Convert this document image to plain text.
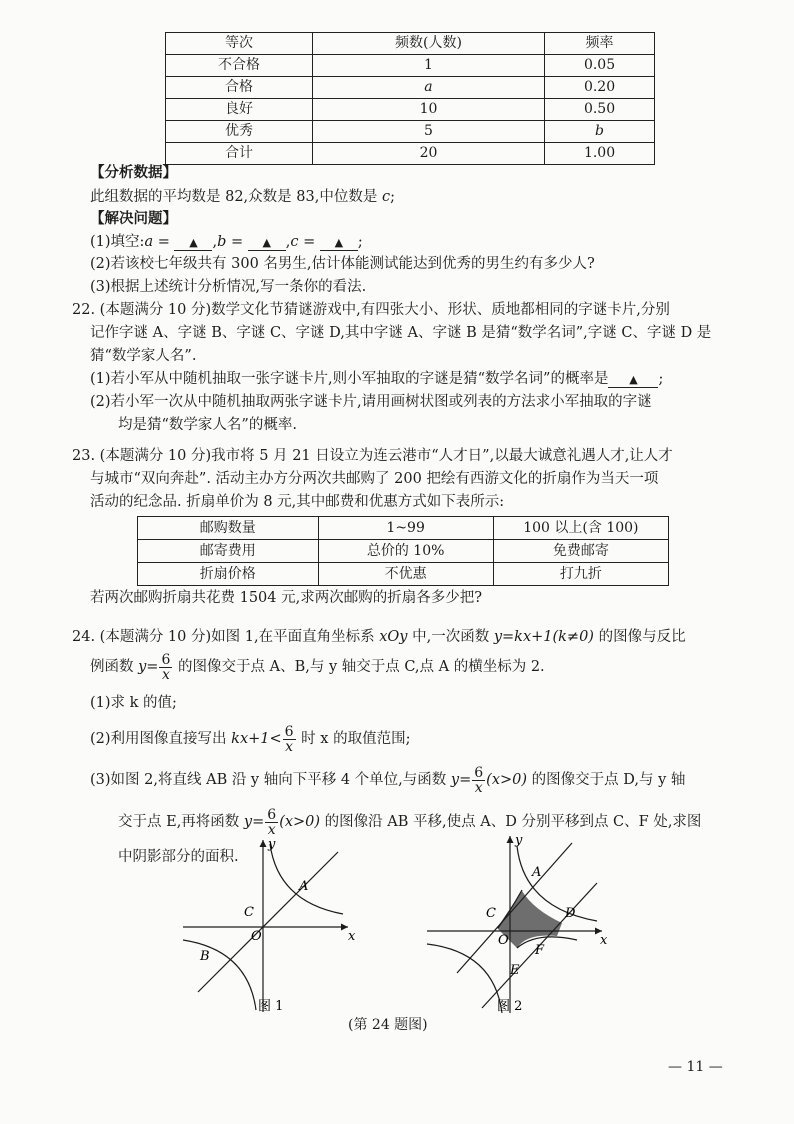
等次	频数(人数)	频率
不合格	1	0.05
合格	a	0.20
良好	10	0.50
优秀	5	b
合计	20	1.00
【分析数据】
此组数据的平均数是 82,众数是 83,中位数是 c;
【解决问题】
(1)填空:a = ▲ ,b = ▲ ,c = ▲ ;
(2)若该校七年级共有 300 名男生,估计体能测试能达到优秀的男生约有多少人?
(3)根据上述统计分析情况,写一条你的看法.
22. (本题满分 10 分)数学文化节猜谜游戏中,有四张大小、形状、质地都相同的字谜卡片,分别
记作字谜 A、字谜 B、字谜 C、字谜 D,其中字谜 A、字谜 B 是猜“数学名词”,字谜 C、字谜 D 是
猜“数学家人名”.
(1)若小军从中随机抽取一张字谜卡片,则小军抽取的字谜是猜“数学名词”的概率是 ▲ ;
(2)若小军一次从中随机抽取两张字谜卡片,请用画树状图或列表的方法求小军抽取的字谜
均是猜“数学家人名”的概率.
23. (本题满分 10 分)我市将 5 月 21 日设立为连云港市“人才日”,以最大诚意礼遇人才,让人才
与城市“双向奔赴”. 活动主办方分两次共邮购了 200 把绘有西游文化的折扇作为当天一项
活动的纪念品. 折扇单价为 8 元,其中邮费和优惠方式如下表所示:
邮购数量	1~99	100 以上(含 100)
邮寄费用	总价的 10%	免费邮寄
折扇价格	不优惠	打九折
若两次邮购折扇共花费 1504 元,求两次邮购的折扇各多少把?
24. (本题满分 10 分)如图 1,在平面直角坐标系 xOy 中,一次函数 y=kx+1(k≠0) 的图像与反比
例函数 $y= \frac{6}{x}$ 的图像交于点 A、B,与 y 轴交于点 C,点 A 的横坐标为 2.
(1)求 k 的值;
(2)利用图像直接写出 $kx+1< \frac{6}{x}$ 时 x 的取值范围;
(3)如图 2,将直线 AB 沿 y 轴向下平移 4 个单位,与函数 $y= \frac{6}{x} (x>0)$ 的图像交于点 D,与 y 轴
交于点 E,再将函数 $y= \frac{6}{x} (x>0)$ 的图像沿 AB 平移,使点 A、D 分别平移到点 C、F 处,求图
中阴影部分的面积.
y
x
O
A
B
C
图 1
y
x
O
A
C	D
E
F
图 2
(第 24 题图)
— 11 —
